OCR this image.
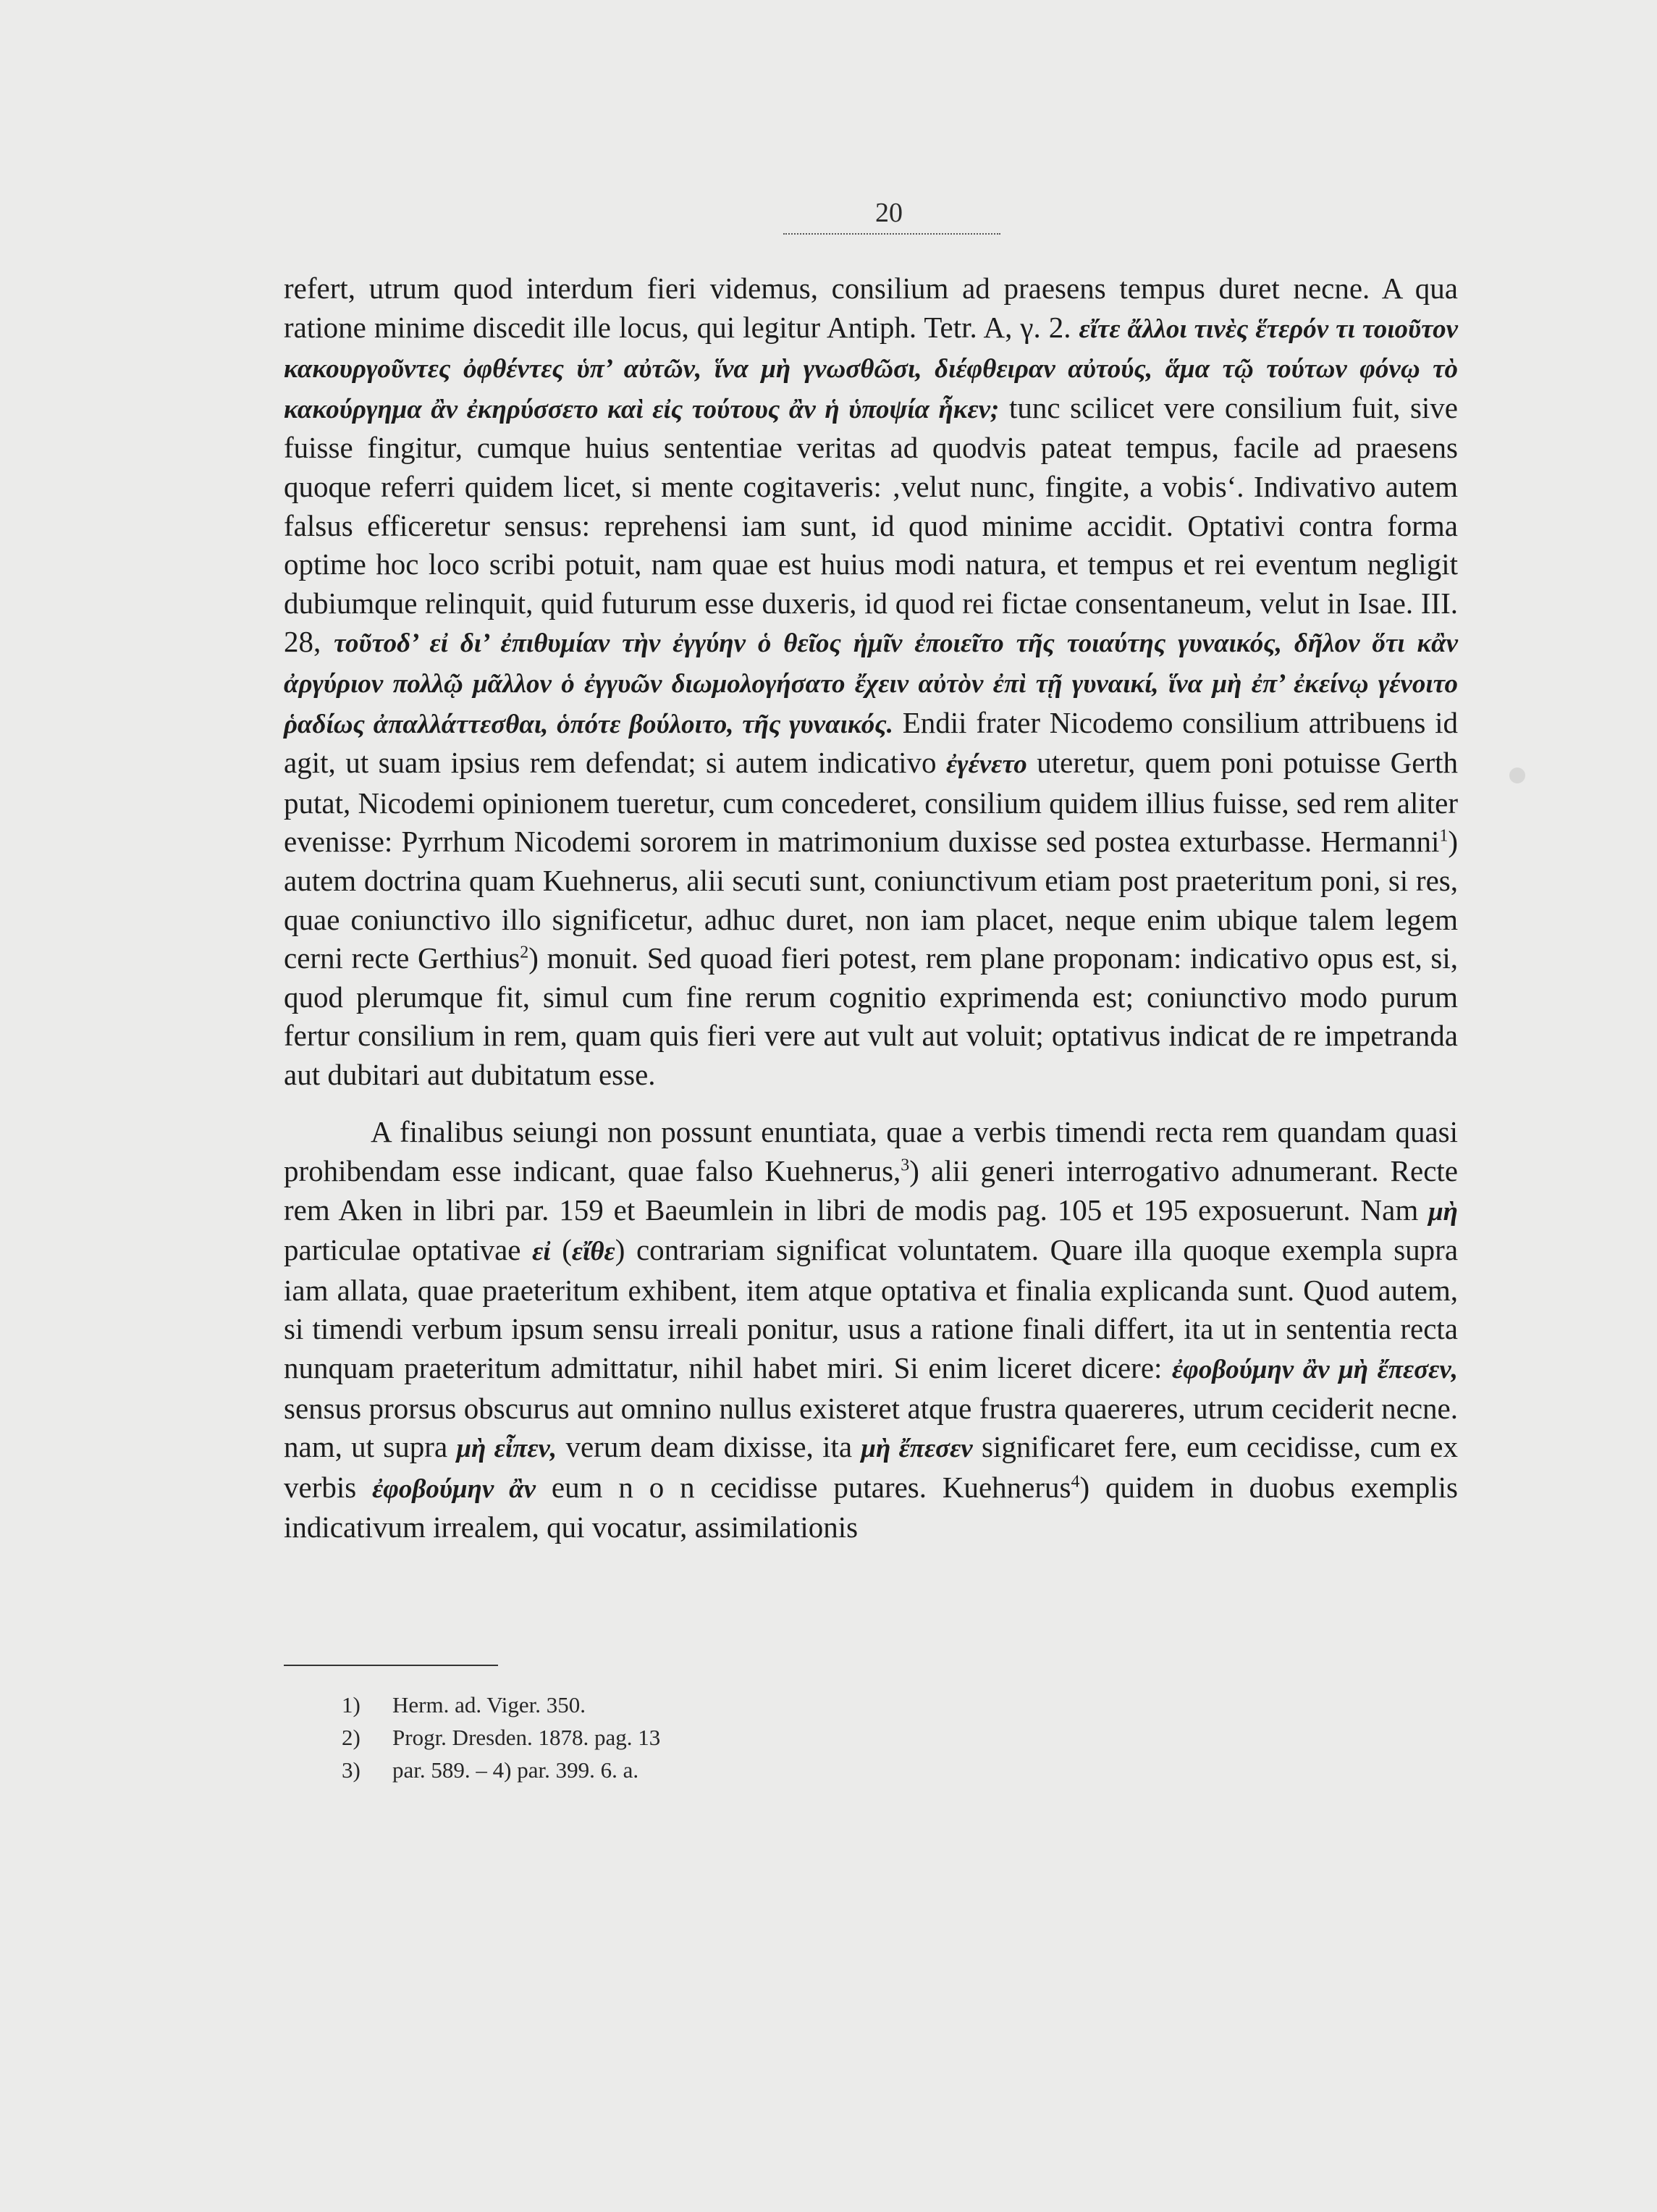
20

refert, utrum quod interdum fieri videmus, consilium ad praesens tempus duret necne. A qua ratione minime discedit ille locus, qui legitur Antiph. Tetr. A, γ. 2. εἴτε ἄλλοι τινὲς ἕτερόν τι τοιοῦτον κακουργοῦντες ὀφθέντες ὑπ’ αὐτῶν, ἵνα μὴ γνωσθῶσι, διέφθειραν αὐτούς, ἅμα τῷ τούτων φόνῳ τὸ κακούργημα ἂν ἐκηρύσσετο καὶ εἰς τούτους ἂν ἡ ὑποψία ἧκεν; tunc scilicet vere consilium fuit, sive fuisse fingitur, cumque huius sententiae veritas ad quodvis pateat tempus, facile ad praesens quoque referri quidem licet, si mente cogitaveris: ‚velut nunc, fingite, a vobis‘. Indivativo autem falsus efficeretur sensus: reprehensi iam sunt, id quod minime accidit. Optativi contra forma optime hoc loco scribi potuit, nam quae est huius modi natura, et tempus et rei eventum negligit dubiumque relinquit, quid futurum esse duxeris, id quod rei fictae consentaneum, velut in Isae. III. 28, τοῦτοδ’ εἰ δι’ ἐπιθυμίαν τὴν ἐγγύην ὁ θεῖος ἡμῖν ἐποιεῖτο τῆς τοιαύτης γυναικός, δῆλον ὅτι κἂν ἀργύριον πολλῷ μᾶλλον ὁ ἐγγυῶν διωμολογήσατο ἔχειν αὐτὸν ἐπὶ τῇ γυναικί, ἵνα μὴ ἐπ’ ἐκείνῳ γένοιτο ῥαδίως ἀπαλλάττεσθαι, ὁπότε βούλοιτο, τῆς γυναικός. Endii frater Nicodemo consilium attribuens id agit, ut suam ipsius rem defendat; si autem indicativo ἐγένετο uteretur, quem poni potuisse Gerth putat, Nicodemi opinionem tueretur, cum concederet, consilium quidem illius fuisse, sed rem aliter evenisse: Pyrrhum Nicodemi sororem in matrimonium duxisse sed postea exturbasse. Hermanni$^1$) autem doctrina quam Kuehnerus, alii secuti sunt, coniunctivum etiam post praeteritum poni, si res, quae coniunctivo illo significetur, adhuc duret, non iam placet, neque enim ubique talem legem cerni recte Gerthius$^2$) monuit. Sed quoad fieri potest, rem plane proponam: indicativo opus est, si, quod plerumque fit, simul cum fine rerum cognitio exprimenda est; coniunctivo modo purum fertur consilium in rem, quam quis fieri vere aut vult aut voluit; optativus indicat de re impetranda aut dubitari aut dubitatum esse.

A finalibus seiungi non possunt enuntiata, quae a verbis timendi recta rem quandam quasi prohibendam esse indicant, quae falso Kuehnerus,$^3$) alii generi interrogativo adnumerant. Recte rem Aken in libri par. 159 et Baeumlein in libri de modis pag. 105 et 195 exposuerunt. Nam μὴ particulae optativae εἰ (εἴθε) contrariam significat voluntatem. Quare illa quoque exempla supra iam allata, quae praeteritum exhibent, item atque optativa et finalia explicanda sunt. Quod autem, si timendi verbum ipsum sensu irreali ponitur, usus a ratione finali differt, ita ut in sententia recta nunquam praeteritum admittatur, nihil habet miri. Si enim liceret dicere: ἐφοβούμην ἂν μὴ ἔπεσεν, sensus prorsus obscurus aut omnino nullus existeret atque frustra quaereres, utrum ceciderit necne. nam, ut supra μὴ εἶπεν, verum deam dixisse, ita μὴ ἔπεσεν significaret fere, eum cecidisse, cum ex verbis ἐφοβούμην ἂν eum n o n cecidisse putares. Kuehnerus$^4$) quidem in duobus exemplis indicativum irrealem, qui vocatur, assimilationis

1) Herm. ad. Viger. 350.
2) Progr. Dresden. 1878. pag. 13
3) par. 589. – 4) par. 399. 6. a.
